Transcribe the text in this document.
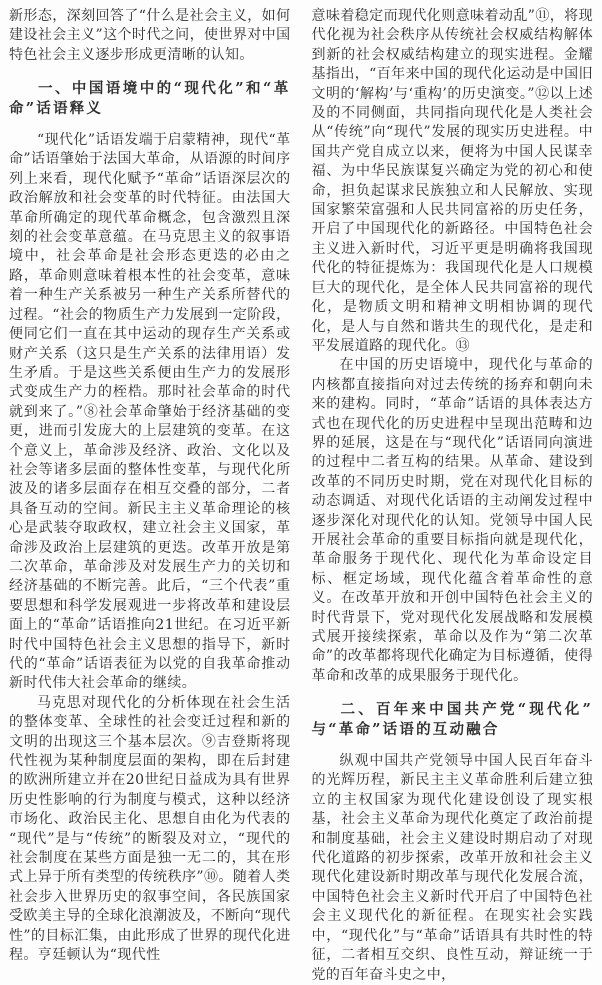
新形态，深刻回答了“什么是社会主义，如何建设社会主义”这个时代之问，使世界对中国特色社会主义逐步形成更清晰的认知。

一、中国语境中的“现代化”和“革命”话语释义

“现代化”话语发端于启蒙精神，现代“革命”话语肇始于法国大革命，从语源的时间序列上来看，现代化赋予“革命”话语深层次的政治解放和社会变革的时代特征。由法国大革命所确定的现代革命概念，包含激烈且深刻的社会变革意蕴。在马克思主义的叙事语境中，社会革命是社会形态更迭的必由之路，革命则意味着根本性的社会变革，意味着一种生产关系被另一种生产关系所替代的过程。“社会的物质生产力发展到一定阶段，便同它们一直在其中运动的现存生产关系或财产关系（这只是生产关系的法律用语）发生矛盾。于是这些关系便由生产力的发展形式变成生产力的桎梏。那时社会革命的时代就到来了。”⑧社会革命肇始于经济基础的变更，进而引发庞大的上层建筑的变革。在这个意义上，革命涉及经济、政治、文化以及社会等诸多层面的整体性变革，与现代化所波及的诸多层面存在相互交叠的部分，二者具备互动的空间。新民主主义革命理论的核心是武装夺取政权，建立社会主义国家，革命涉及政治上层建筑的更迭。改革开放是第二次革命，革命涉及对发展生产力的关切和经济基础的不断完善。此后，“三个代表”重要思想和科学发展观进一步将改革和建设层面上的“革命”话语推向21世纪。在习近平新时代中国特色社会主义思想的指导下，新时代的“革命”话语表征为以党的自我革命推动新时代伟大社会革命的继续。

马克思对现代化的分析体现在社会生活的整体变革、全球性的社会变迁过程和新的文明的出现这三个基本层次。⑨吉登斯将现代性视为某种制度层面的架构，即在后封建的欧洲所建立并在20世纪日益成为具有世界历史性影响的行为制度与模式，这种以经济市场化、政治民主化、思想自由化为代表的“现代”是与“传统”的断裂及对立，“现代的社会制度在某些方面是独一无二的，其在形式上异于所有类型的传统秩序”⑩。随着人类社会步入世界历史的叙事空间，各民族国家受欧美主导的全球化浪潮波及，不断向“现代性”的目标汇集，由此形成了世界的现代化进程。亨廷顿认为“现代性

意味着稳定而现代化则意味着动乱”⑪，将现代化视为社会秩序从传统社会权威结构解体到新的社会权威结构建立的现实进程。金耀基指出，“百年来中国的现代化运动是中国旧文明的‘解构’与‘重构’的历史演变。”⑫以上述及的不同侧面，共同指向现代化是人类社会从“传统”向“现代”发展的现实历史进程。中国共产党自成立以来，便将为中国人民谋幸福、为中华民族谋复兴确定为党的初心和使命，担负起谋求民族独立和人民解放、实现国家繁荣富强和人民共同富裕的历史任务，开启了中国现代化的新路径。中国特色社会主义进入新时代，习近平更是明确将我国现代化的特征提炼为：我国现代化是人口规模巨大的现代化，是全体人民共同富裕的现代化，是物质文明和精神文明相协调的现代化，是人与自然和谐共生的现代化，是走和平发展道路的现代化。⑬

在中国的历史语境中，现代化与革命的内核都直接指向对过去传统的扬弃和朝向未来的建构。同时，“革命”话语的具体表达方式也在现代化的历史进程中呈现出范畴和边界的延展，这是在与“现代化”话语同向演进的过程中二者互构的结果。从革命、建设到改革的不同历史时期，党在对现代化目标的动态调适、对现代化话语的主动阐发过程中逐步深化对现代化的认知。党领导中国人民开展社会革命的重要目标指向就是现代化，革命服务于现代化、现代化为革命设定目标、框定场域，现代化蕴含着革命性的意义。在改革开放和开创中国特色社会主义的时代背景下，党对现代化发展战略和发展模式展开接续探索，革命以及作为“第二次革命”的改革都将现代化确定为目标遵循，使得革命和改革的成果服务于现代化。

二、百年来中国共产党“现代化”与“革命”话语的互动融合

纵观中国共产党领导中国人民百年奋斗的光辉历程，新民主主义革命胜利后建立独立的主权国家为现代化建设创设了现实根基，社会主义革命为现代化奠定了政治前提和制度基础，社会主义建设时期启动了对现代化道路的初步探索，改革开放和社会主义现代化建设新时期改革与现代化发展合流，中国特色社会主义新时代开启了中国特色社会主义现代化的新征程。在现实社会实践中，“现代化”与“革命”话语具有共时性的特征，二者相互交织、良性互动，辩证统一于党的百年奋斗史之中，
